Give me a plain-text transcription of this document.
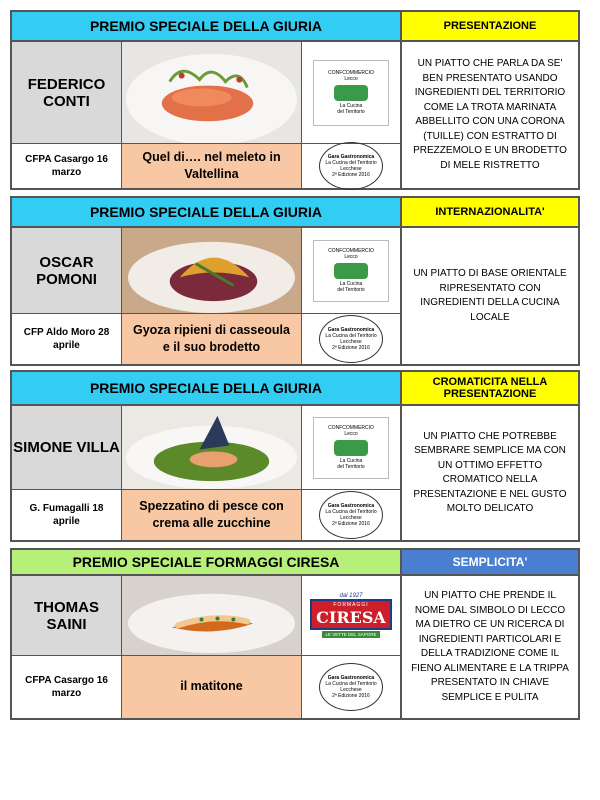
PREMIO SPECIALE DELLA GIURIA	PRESENTAZIONE
FEDERICO CONTI
CONFCOMMERCIO
Lecco
La Cucina
del Territorio
CFPA Casargo 16 marzo
Quel di…. nel meleto in Valtellina
Gara Gastronomica
La Cucina del Territorio
Lecchese
2ª Edizione 2016
UN PIATTO CHE PARLA DA SE' BEN PRESENTATO USANDO INGREDIENTI DEL TERRITORIO COME LA TROTA MARINATA ABBELLITO CON UNA CORONA (TUILLE) CON ESTRATTO DI PREZZEMOLO E UN BRODETTO DI MELE RISTRETTO
PREMIO SPECIALE DELLA GIURIA	INTERNAZIONALITA'
OSCAR POMONI
CONFCOMMERCIO
Lecco
La Cucina
del Territorio
CFP Aldo Moro 28 aprile
Gyoza ripieni di casseoula e il suo brodetto
Gara Gastronomica
La Cucina del Territorio
Lecchese
2ª Edizione 2016
UN PIATTO DI BASE ORIENTALE RIPRESENTATO CON INGREDIENTI DELLA CUCINA LOCALE
PREMIO SPECIALE DELLA GIURIA	CROMATICITA NELLA PRESENTAZIONE
SIMONE VILLA
CONFCOMMERCIO
Lecco
La Cucina
del Territorio
G. Fumagalli 18 aprile
Spezzatino di pesce con crema alle zucchine
Gara Gastronomica
La Cucina del Territorio
Lecchese
2ª Edizione 2016
UN PIATTO CHE POTREBBE SEMBRARE SEMPLICE MA CON UN OTTIMO EFFETTO CROMATICO NELLA PRESENTAZIONE E NEL GUSTO MOLTO DELICATO
PREMIO SPECIALE FORMAGGI CIRESA	SEMPLICITA'
THOMAS SAINI
dal 1927
FORMAGGI
CIRESA
LE VETTE DEL SAPORE
CFPA Casargo 16 marzo
il matitone
Gara Gastronomica
La Cucina del Territorio
Lecchese
2ª Edizione 2016
UN PIATTO CHE PRENDE IL NOME DAL SIMBOLO DI LECCO MA DIETRO CE UN RICERCA DI INGREDIENTI PARTICOLARI E DELLA TRADIZIONE COME IL FIENO ALIMENTARE E LA TRIPPA PRESENTATO IN CHIAVE SEMPLICE E PULITA
